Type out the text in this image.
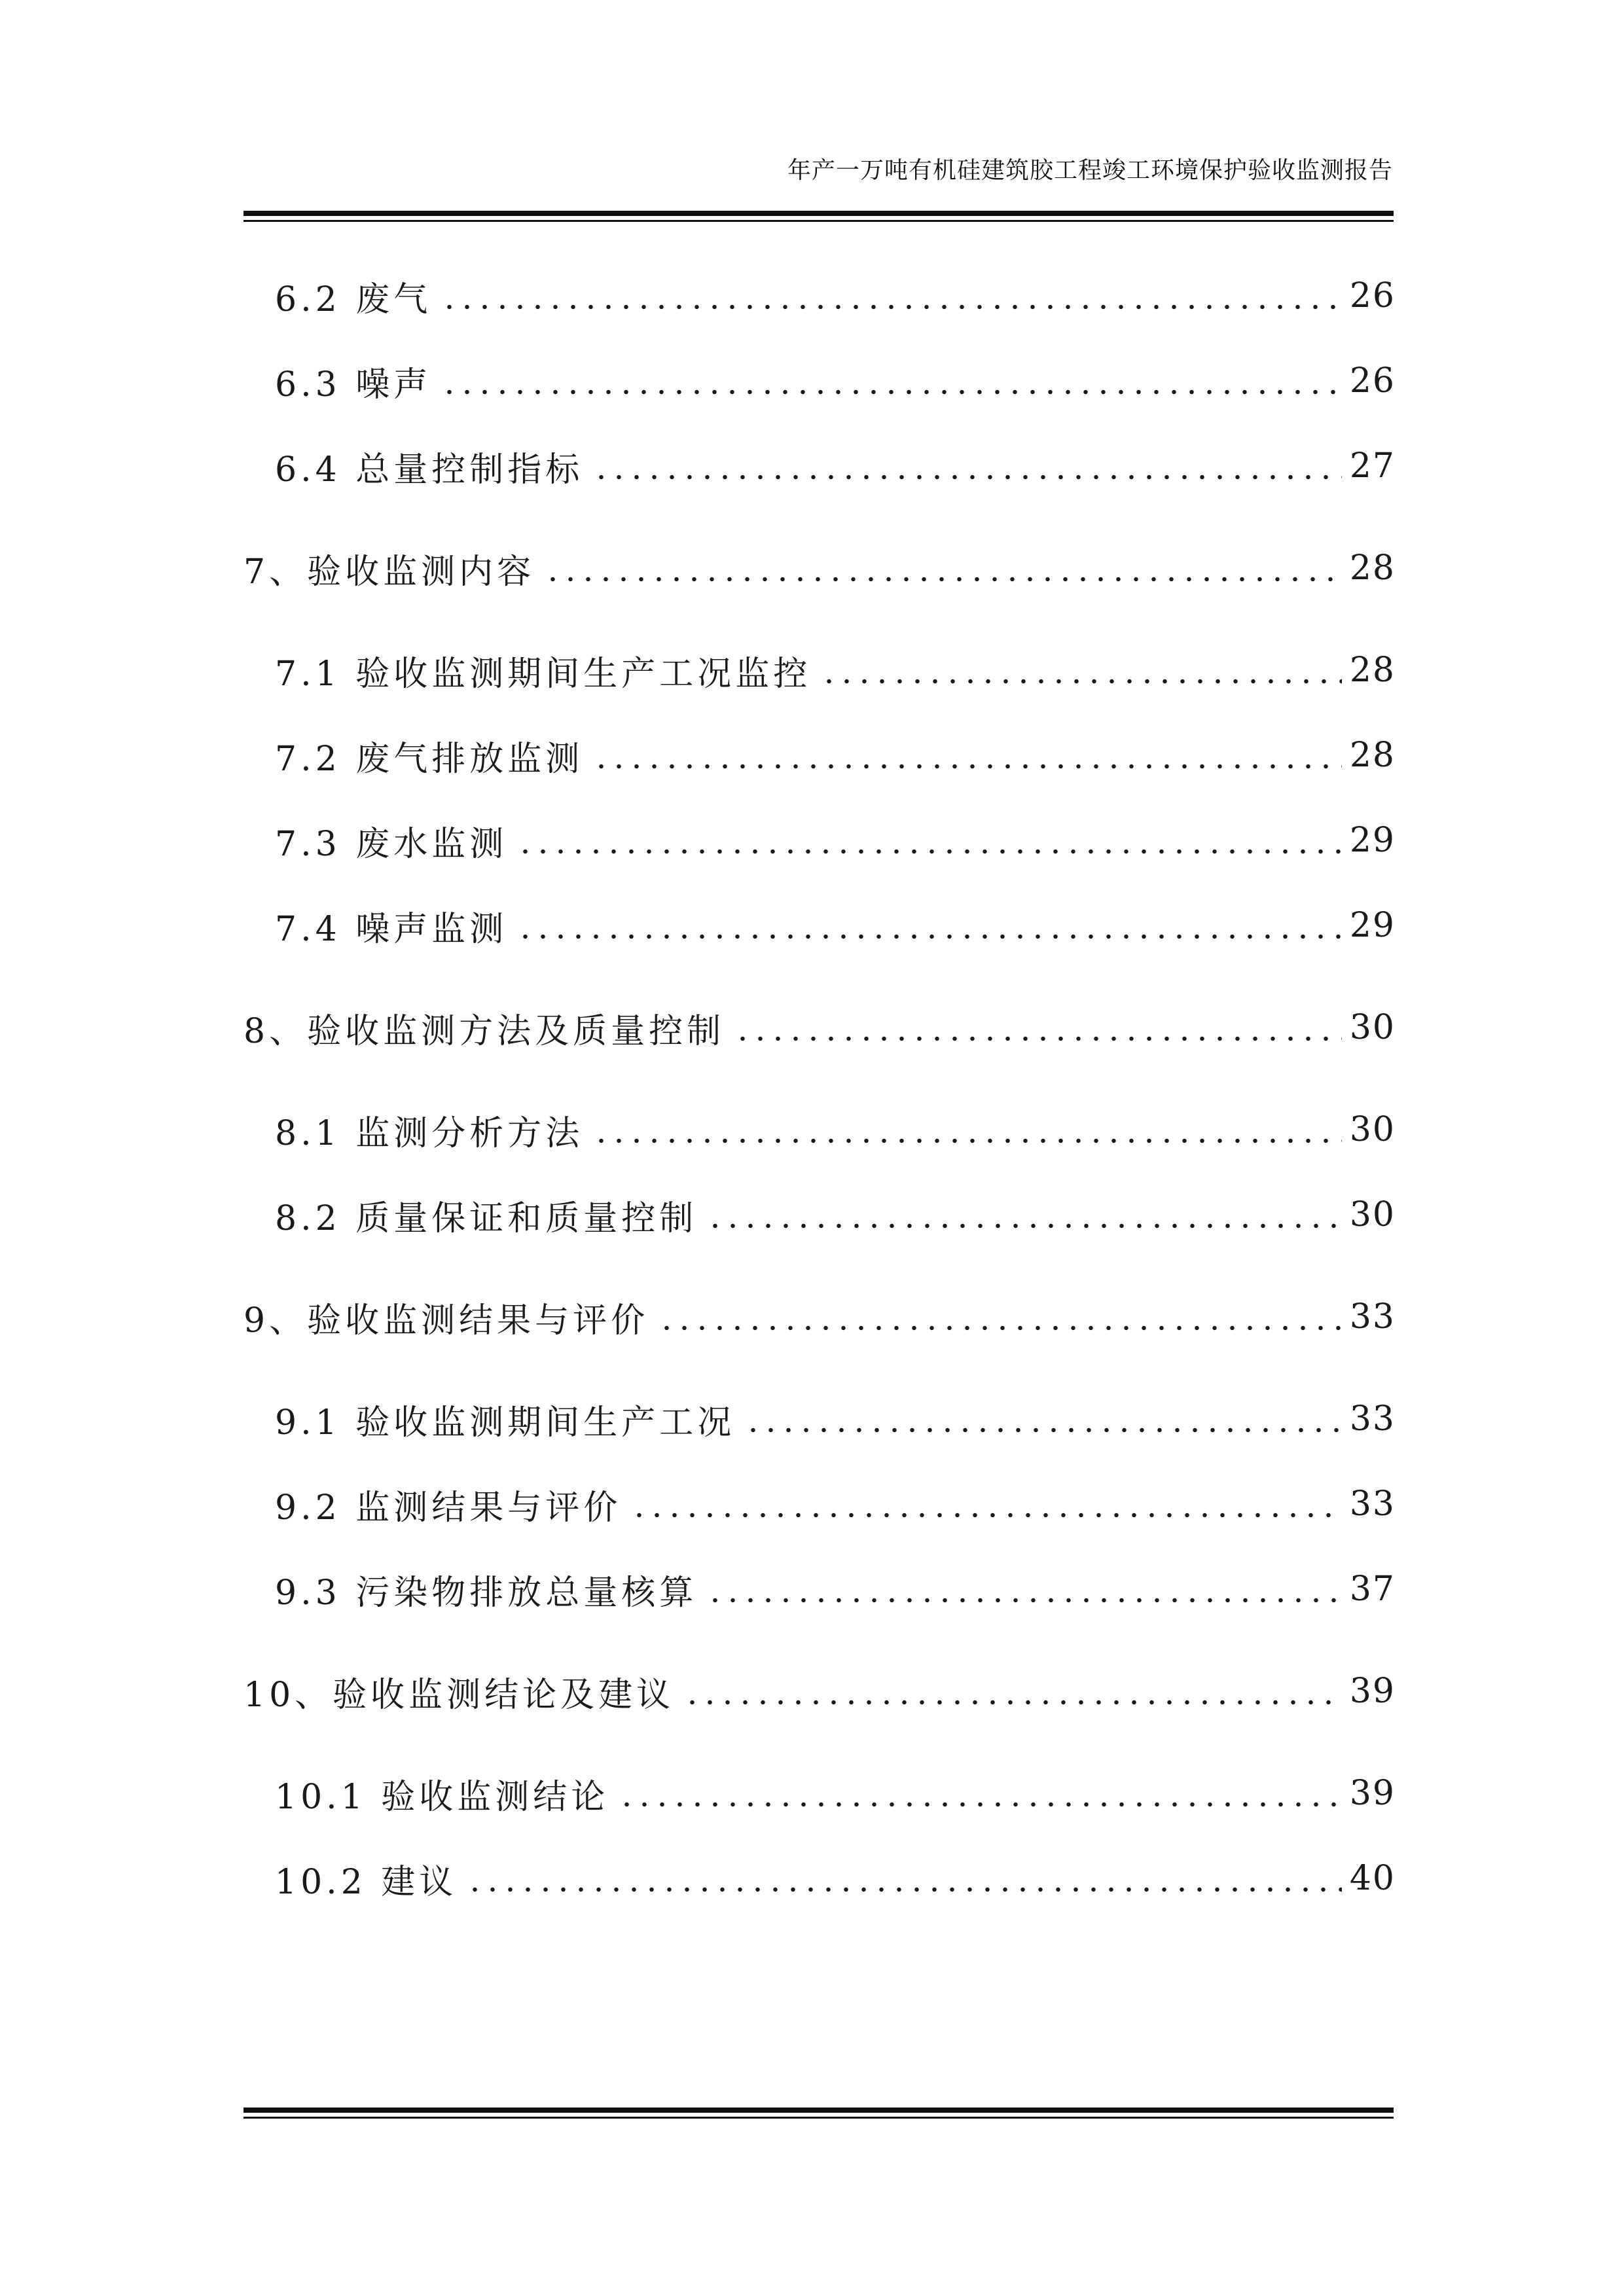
年产一万吨有机硅建筑胶工程竣工环境保护验收监测报告
6.2 废气	26
6.3 噪声	26
6.4 总量控制指标	27
7、验收监测内容	28
7.1 验收监测期间生产工况监控	28
7.2 废气排放监测	28
7.3 废水监测	29
7.4 噪声监测	29
8、验收监测方法及质量控制	30
8.1 监测分析方法	30
8.2 质量保证和质量控制	30
9、验收监测结果与评价	33
9.1 验收监测期间生产工况	33
9.2 监测结果与评价	33
9.3 污染物排放总量核算	37
10、验收监测结论及建议	39
10.1 验收监测结论	39
10.2 建议	40
